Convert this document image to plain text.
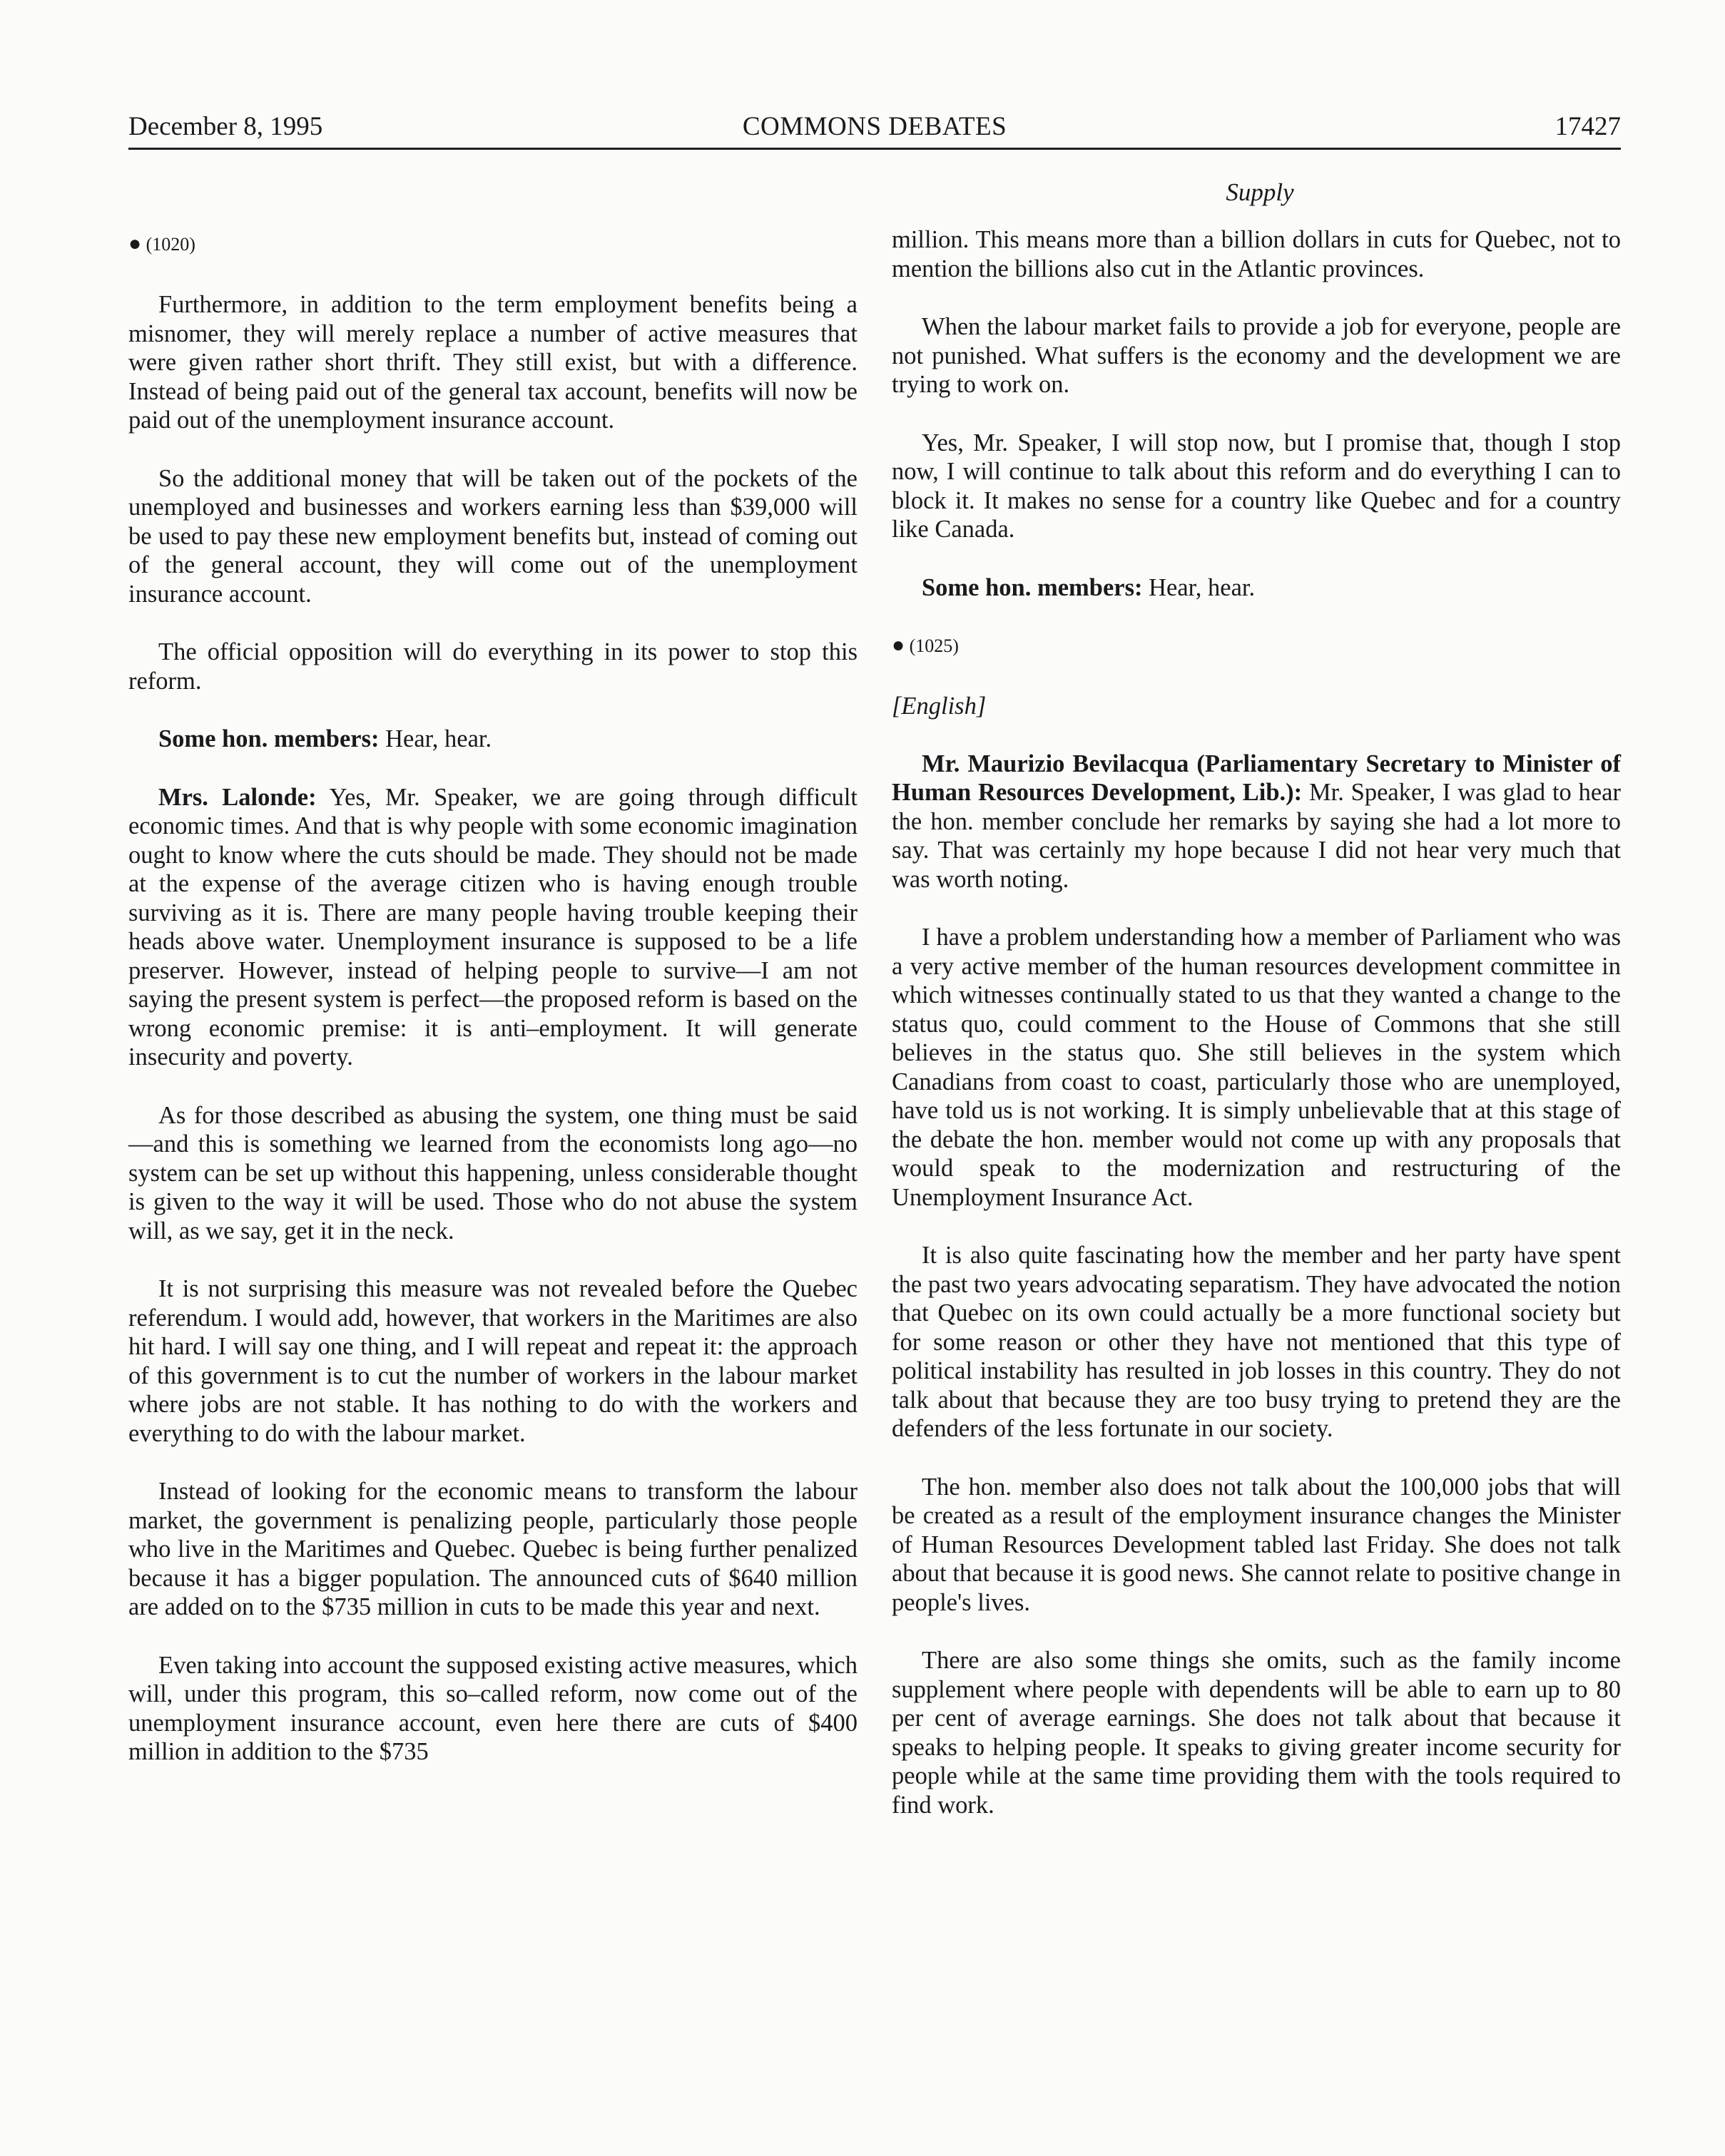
December 8, 1995	COMMONS DEBATES	17427
● (1020)

Furthermore, in addition to the term employment benefits being a misnomer, they will merely replace a number of active measures that were given rather short thrift. They still exist, but with a difference. Instead of being paid out of the general tax account, benefits will now be paid out of the unemployment insurance account.

So the additional money that will be taken out of the pockets of the unemployed and businesses and workers earning less than $39,000 will be used to pay these new employment benefits but, instead of coming out of the general account, they will come out of the unemployment insurance account.

The official opposition will do everything in its power to stop this reform.

Some hon. members: Hear, hear.

Mrs. Lalonde: Yes, Mr. Speaker, we are going through difficult economic times. And that is why people with some economic imagination ought to know where the cuts should be made. They should not be made at the expense of the average citizen who is having enough trouble surviving as it is. There are many people having trouble keeping their heads above water. Unemployment insurance is supposed to be a life preserver. However, instead of helping people to survive—I am not saying the present system is perfect—the proposed reform is based on the wrong economic premise: it is anti–employment. It will generate insecurity and poverty.

As for those described as abusing the system, one thing must be said—and this is something we learned from the economists long ago—no system can be set up without this happening, unless considerable thought is given to the way it will be used. Those who do not abuse the system will, as we say, get it in the neck.

It is not surprising this measure was not revealed before the Quebec referendum. I would add, however, that workers in the Maritimes are also hit hard. I will say one thing, and I will repeat and repeat it: the approach of this government is to cut the number of workers in the labour market where jobs are not stable. It has nothing to do with the workers and everything to do with the labour market.

Instead of looking for the economic means to transform the labour market, the government is penalizing people, particularly those people who live in the Maritimes and Quebec. Quebec is being further penalized because it has a bigger population. The announced cuts of $640 million are added on to the $735 million in cuts to be made this year and next.

Even taking into account the supposed existing active measures, which will, under this program, this so–called reform, now come out of the unemployment insurance account, even here there are cuts of $400 million in addition to the $735

Supply

million. This means more than a billion dollars in cuts for Quebec, not to mention the billions also cut in the Atlantic provinces.

When the labour market fails to provide a job for everyone, people are not punished. What suffers is the economy and the development we are trying to work on.

Yes, Mr. Speaker, I will stop now, but I promise that, though I stop now, I will continue to talk about this reform and do everything I can to block it. It makes no sense for a country like Quebec and for a country like Canada.

Some hon. members: Hear, hear.

● (1025)
[English]

Mr. Maurizio Bevilacqua (Parliamentary Secretary to Minister of Human Resources Development, Lib.): Mr. Speaker, I was glad to hear the hon. member conclude her remarks by saying she had a lot more to say. That was certainly my hope because I did not hear very much that was worth noting.

I have a problem understanding how a member of Parliament who was a very active member of the human resources development committee in which witnesses continually stated to us that they wanted a change to the status quo, could comment to the House of Commons that she still believes in the status quo. She still believes in the system which Canadians from coast to coast, particularly those who are unemployed, have told us is not working. It is simply unbelievable that at this stage of the debate the hon. member would not come up with any proposals that would speak to the modernization and restructuring of the Unemployment Insurance Act.

It is also quite fascinating how the member and her party have spent the past two years advocating separatism. They have advocated the notion that Quebec on its own could actually be a more functional society but for some reason or other they have not mentioned that this type of political instability has resulted in job losses in this country. They do not talk about that because they are too busy trying to pretend they are the defenders of the less fortunate in our society.

The hon. member also does not talk about the 100,000 jobs that will be created as a result of the employment insurance changes the Minister of Human Resources Development tabled last Friday. She does not talk about that because it is good news. She cannot relate to positive change in people's lives.

There are also some things she omits, such as the family income supplement where people with dependents will be able to earn up to 80 per cent of average earnings. She does not talk about that because it speaks to helping people. It speaks to giving greater income security for people while at the same time providing them with the tools required to find work.
